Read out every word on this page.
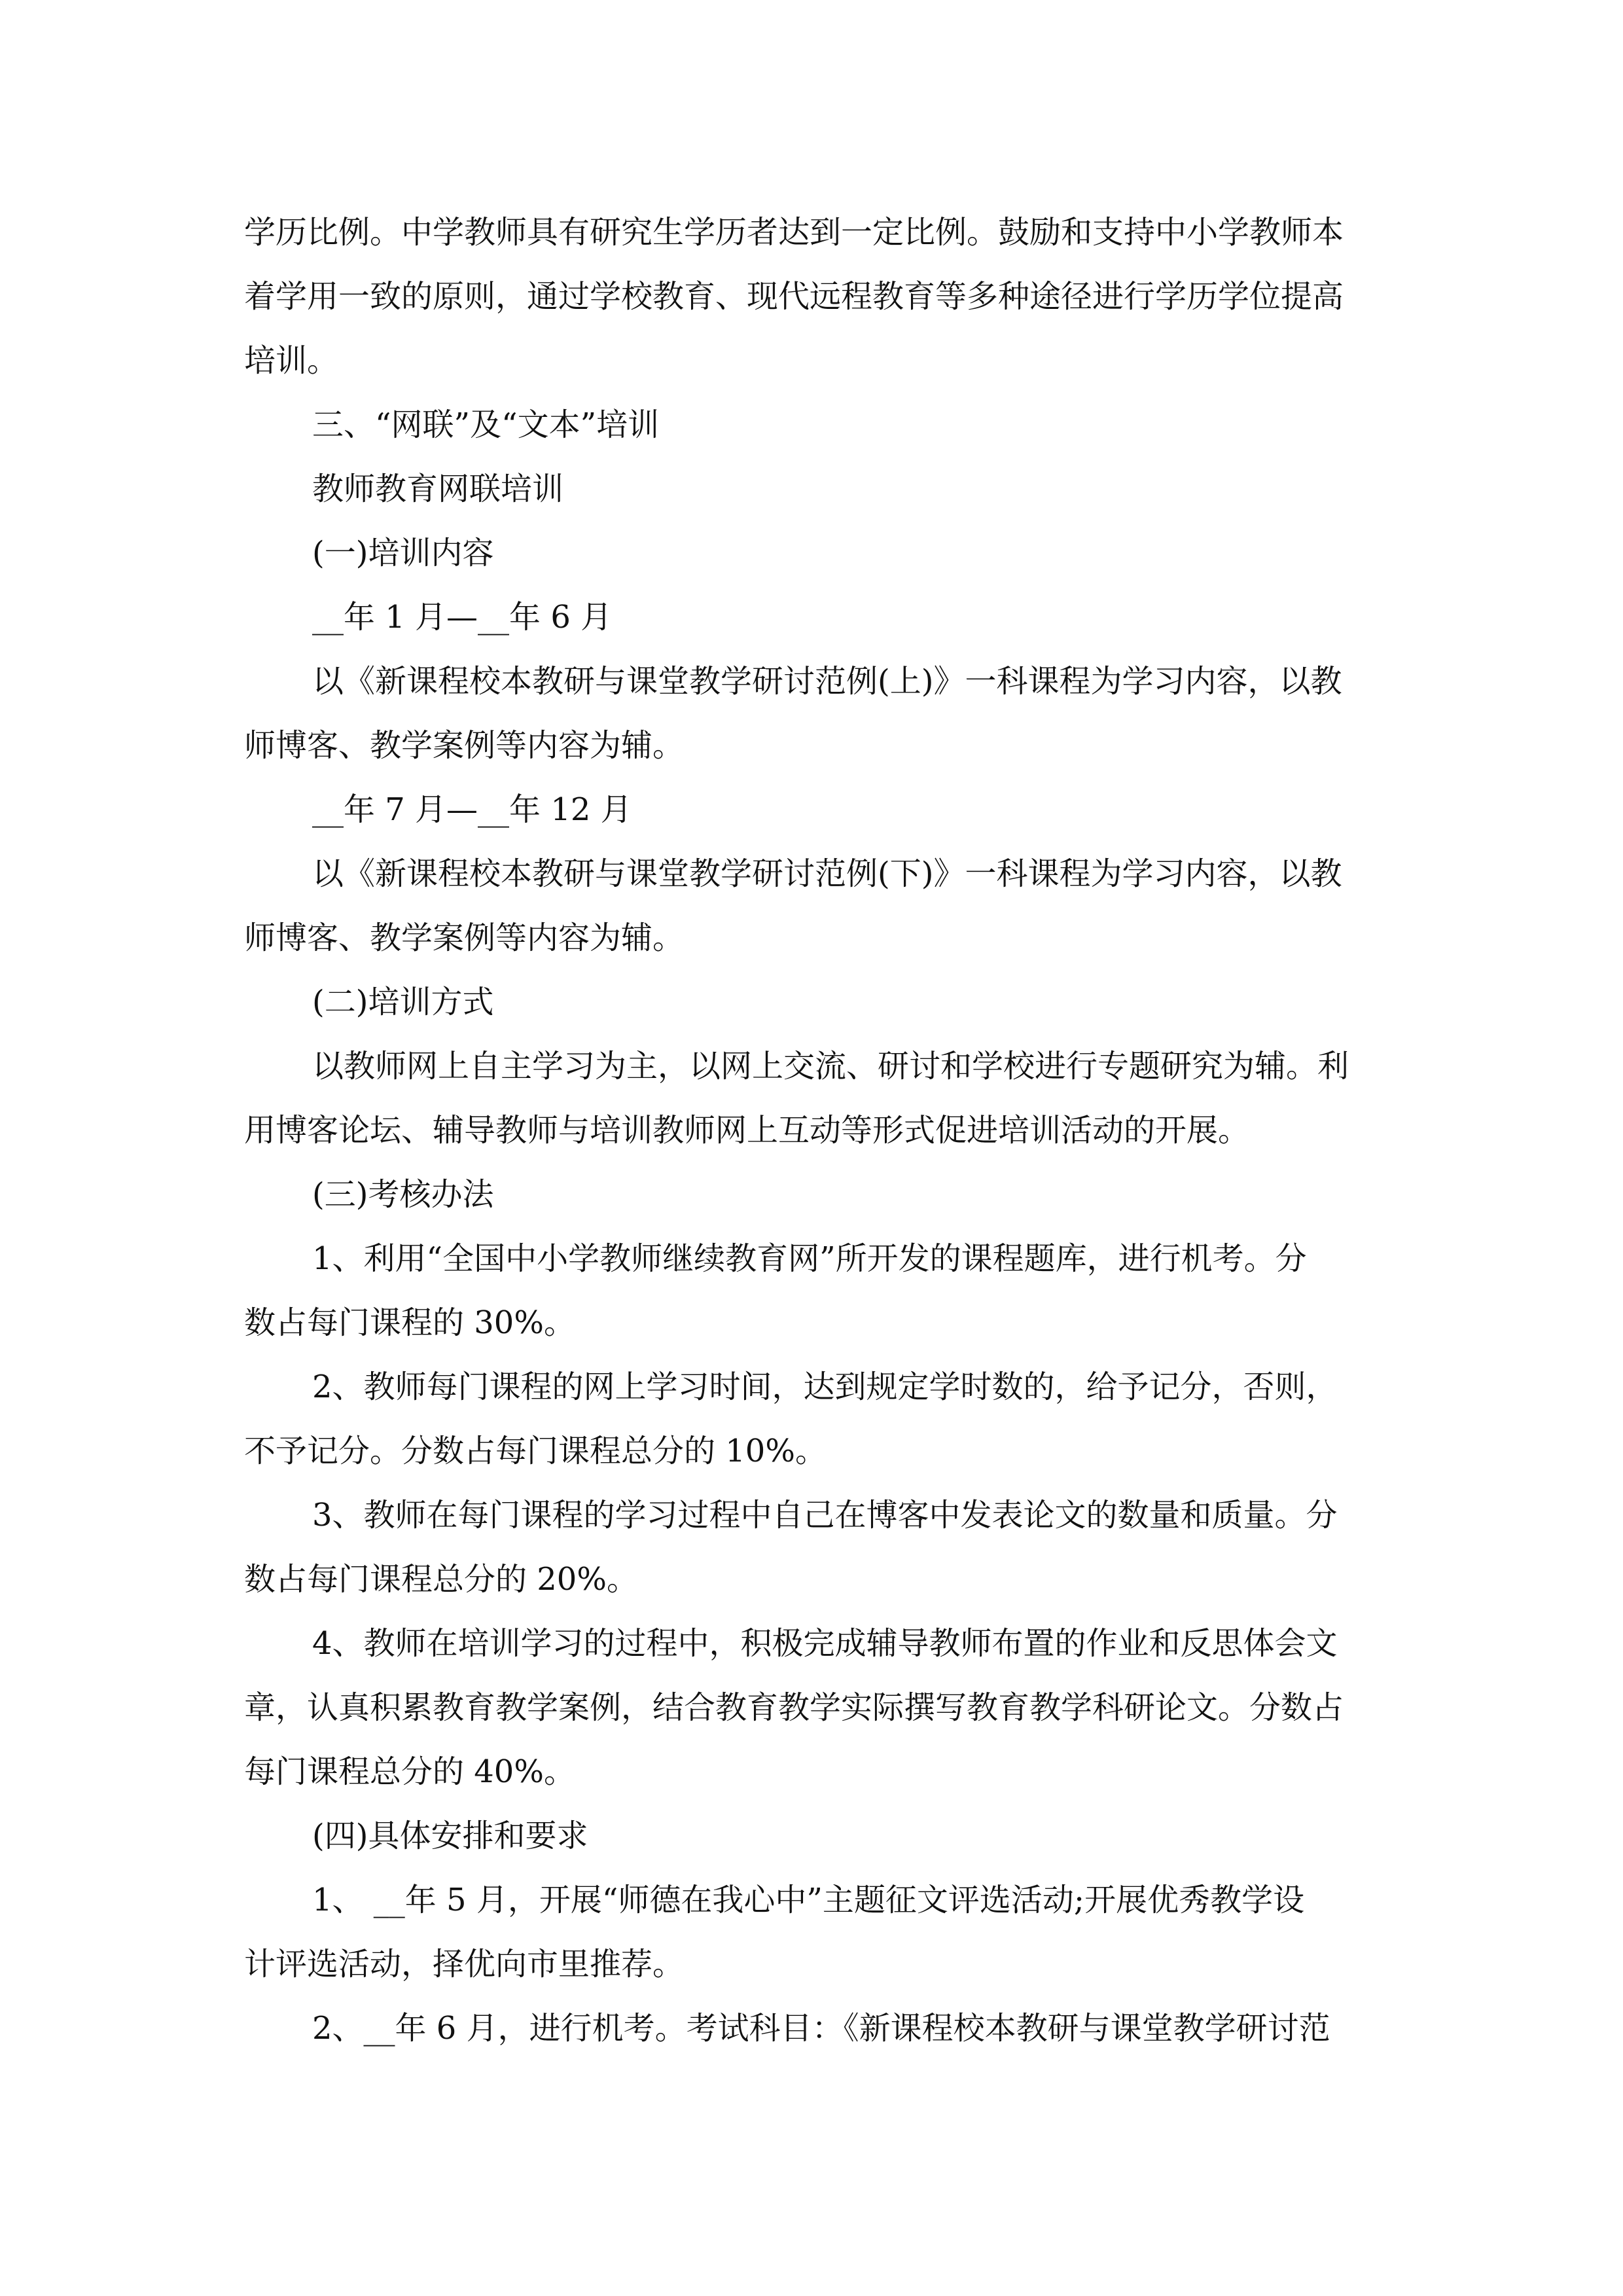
学历比例。中学教师具有研究生学历者达到一定比例。鼓励和支持中小学教师本

着学用一致的原则，通过学校教育、现代远程教育等多种途径进行学历学位提高

培训。

三、“网联”及“文本”培训

教师教育网联培训

(一)培训内容

__年 1 月—__年 6 月

以《新课程校本教研与课堂教学研讨范例(上)》一科课程为学习内容，以教

师博客、教学案例等内容为辅。

__年 7 月—__年 12 月

以《新课程校本教研与课堂教学研讨范例(下)》一科课程为学习内容，以教

师博客、教学案例等内容为辅。

(二)培训方式

以教师网上自主学习为主，以网上交流、研讨和学校进行专题研究为辅。利

用博客论坛、辅导教师与培训教师网上互动等形式促进培训活动的开展。

(三)考核办法

1、利用“全国中小学教师继续教育网”所开发的课程题库，进行机考。分

数占每门课程的 30%。

2、教师每门课程的网上学习时间，达到规定学时数的，给予记分，否则，

不予记分。分数占每门课程总分的 10%。

3、教师在每门课程的学习过程中自己在博客中发表论文的数量和质量。分

数占每门课程总分的 20%。

4、教师在培训学习的过程中，积极完成辅导教师布置的作业和反思体会文

章，认真积累教育教学案例，结合教育教学实际撰写教育教学科研论文。分数占

每门课程总分的 40%。

(四)具体安排和要求

1、 __年 5 月，开展“师德在我心中”主题征文评选活动;开展优秀教学设

计评选活动，择优向市里推荐。

2、__年 6 月，进行机考。考试科目：《新课程校本教研与课堂教学研讨范
